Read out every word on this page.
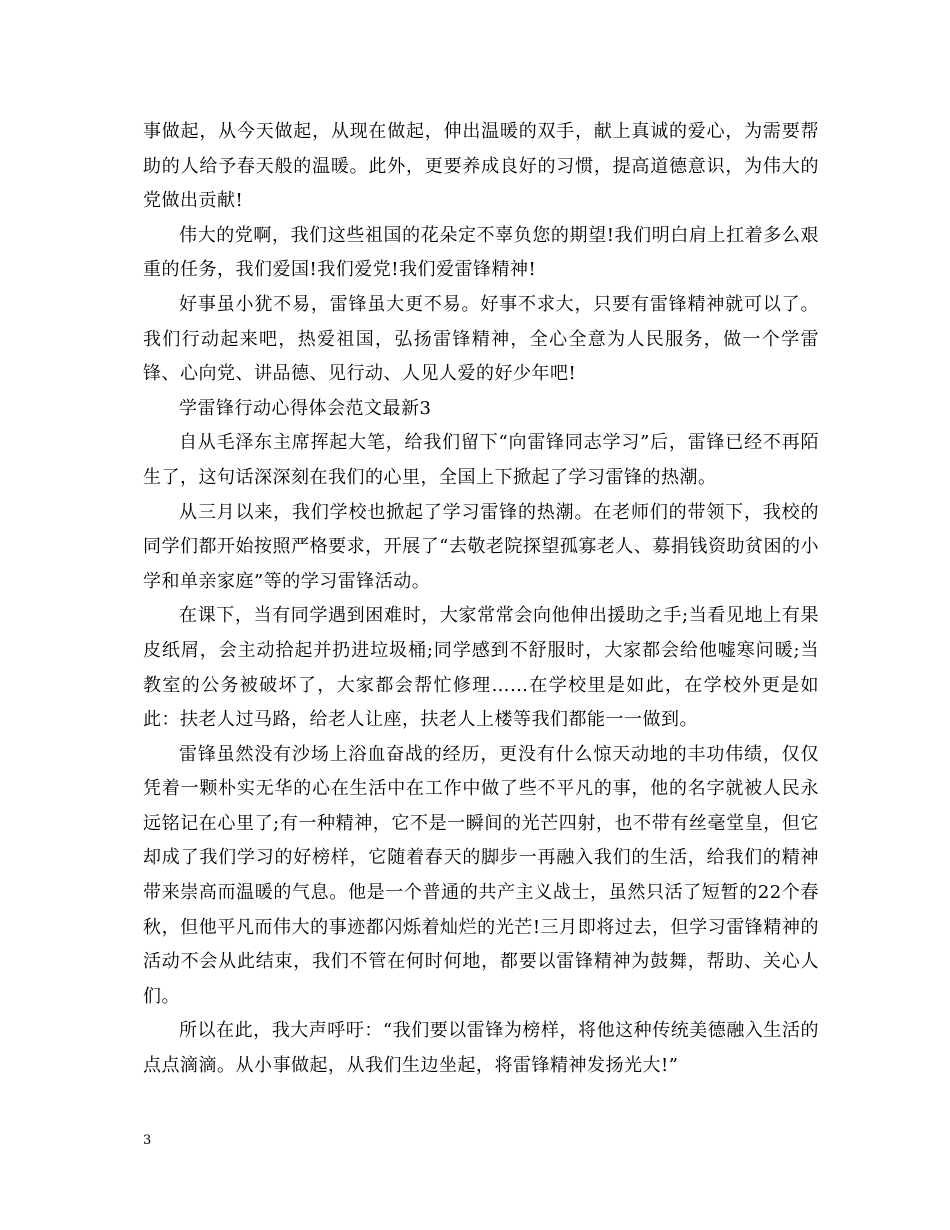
事做起，从今天做起，从现在做起，伸出温暖的双手，献上真诚的爱心，为需要帮助的人给予春天般的温暖。此外，更要养成良好的习惯，提高道德意识，为伟大的党做出贡献!

伟大的党啊，我们这些祖国的花朵定不辜负您的期望!我们明白肩上扛着多么艰重的任务，我们爱国!我们爱党!我们爱雷锋精神!

好事虽小犹不易，雷锋虽大更不易。好事不求大，只要有雷锋精神就可以了。我们行动起来吧，热爱祖国，弘扬雷锋精神，全心全意为人民服务，做一个学雷锋、心向党、讲品德、见行动、人见人爱的好少年吧!

学雷锋行动心得体会范文最新3

自从毛泽东主席挥起大笔，给我们留下“向雷锋同志学习”后，雷锋已经不再陌生了，这句话深深刻在我们的心里，全国上下掀起了学习雷锋的热潮。

从三月以来，我们学校也掀起了学习雷锋的热潮。在老师们的带领下，我校的同学们都开始按照严格要求，开展了“去敬老院探望孤寡老人、募捐钱资助贫困的小学和单亲家庭”等的学习雷锋活动。

在课下，当有同学遇到困难时，大家常常会向他伸出援助之手;当看见地上有果皮纸屑，会主动拾起并扔进垃圾桶;同学感到不舒服时，大家都会给他嘘寒问暖;当教室的公务被破坏了，大家都会帮忙修理……在学校里是如此，在学校外更是如此：扶老人过马路，给老人让座，扶老人上楼等我们都能一一做到。

雷锋虽然没有沙场上浴血奋战的经历，更没有什么惊天动地的丰功伟绩，仅仅凭着一颗朴实无华的心在生活中在工作中做了些不平凡的事，他的名字就被人民永远铭记在心里了;有一种精神，它不是一瞬间的光芒四射，也不带有丝毫堂皇，但它却成了我们学习的好榜样，它随着春天的脚步一再融入我们的生活，给我们的精神带来崇高而温暖的气息。他是一个普通的共产主义战士，虽然只活了短暂的22个春秋，但他平凡而伟大的事迹都闪烁着灿烂的光芒!三月即将过去，但学习雷锋精神的活动不会从此结束，我们不管在何时何地，都要以雷锋精神为鼓舞，帮助、关心人们。

所以在此，我大声呼吁：“我们要以雷锋为榜样，将他这种传统美德融入生活的点点滴滴。从小事做起，从我们生边坐起，将雷锋精神发扬光大!”

3
